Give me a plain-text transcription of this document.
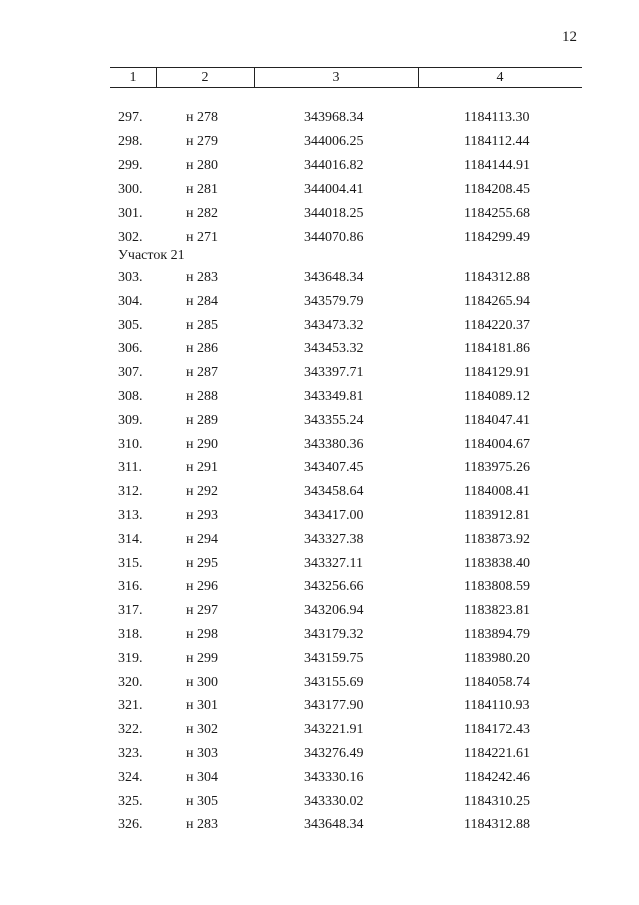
12
1	2	3	4
Участок 21
297.	н 278	343968.34	1184113.30
298.	н 279	344006.25	1184112.44
299.	н 280	344016.82	1184144.91
300.	н 281	344004.41	1184208.45
301.	н 282	344018.25	1184255.68
302.	н 271	344070.86	1184299.49
303.	н 283	343648.34	1184312.88
304.	н 284	343579.79	1184265.94
305.	н 285	343473.32	1184220.37
306.	н 286	343453.32	1184181.86
307.	н 287	343397.71	1184129.91
308.	н 288	343349.81	1184089.12
309.	н 289	343355.24	1184047.41
310.	н 290	343380.36	1184004.67
311.	н 291	343407.45	1183975.26
312.	н 292	343458.64	1184008.41
313.	н 293	343417.00	1183912.81
314.	н 294	343327.38	1183873.92
315.	н 295	343327.11	1183838.40
316.	н 296	343256.66	1183808.59
317.	н 297	343206.94	1183823.81
318.	н 298	343179.32	1183894.79
319.	н 299	343159.75	1183980.20
320.	н 300	343155.69	1184058.74
321.	н 301	343177.90	1184110.93
322.	н 302	343221.91	1184172.43
323.	н 303	343276.49	1184221.61
324.	н 304	343330.16	1184242.46
325.	н 305	343330.02	1184310.25
326.	н 283	343648.34	1184312.88
